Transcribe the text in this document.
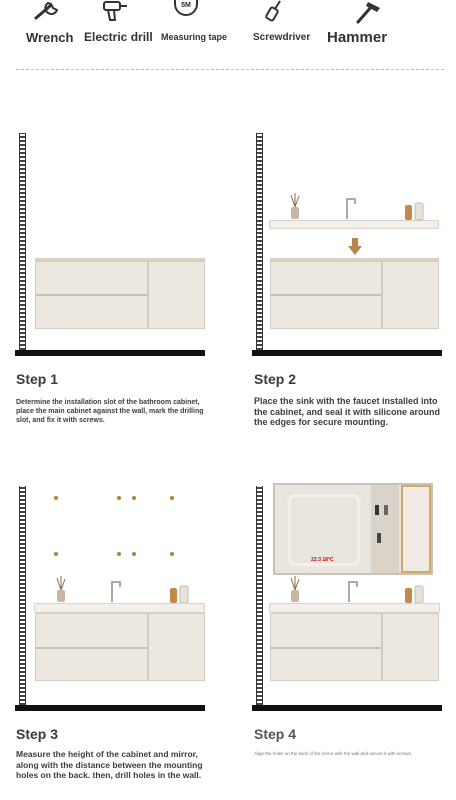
5M
Wrench Electric drill Measuring tape	Screwdriver Hammer
Step 1
Determine the installation slot of the bathroom cabinet, place the main cabinet against the wall, mark the drilling slot, and fix it with screws.
Step 2
Place the sink with the faucet installed into the cabinet, and seal it with silicone around the edges for secure mounting.
22:3 18°C
Step 3
Measure the height of the cabinet and mirror, along with the distance between the mounting holes on the back. then, drill holes in the wall.
Step 4
Align the holes on the back of the mirror with the wall and secure it with screws.
